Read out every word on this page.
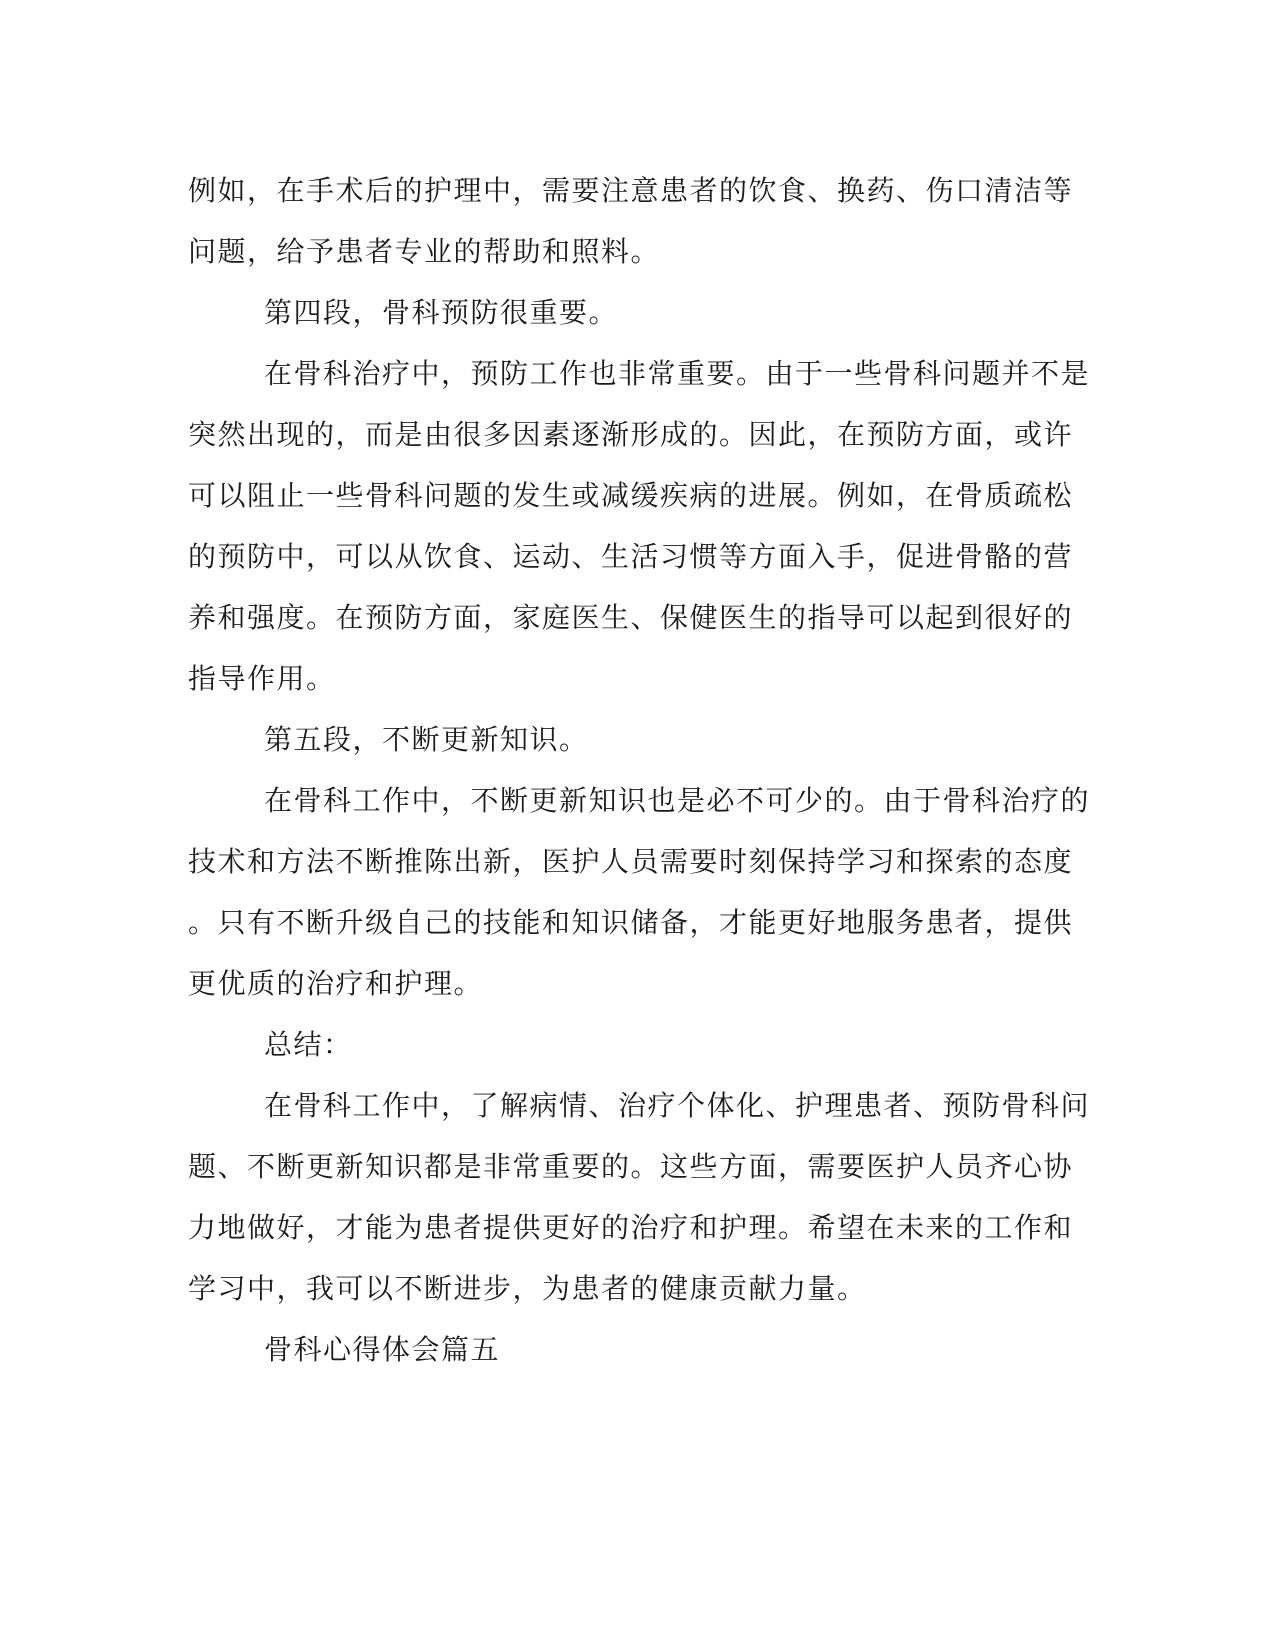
例如，在手术后的护理中，需要注意患者的饮食、换药、伤口清洁等
问题，给予患者专业的帮助和照料。
第四段，骨科预防很重要。
在骨科治疗中，预防工作也非常重要。由于一些骨科问题并不是
突然出现的，而是由很多因素逐渐形成的。因此，在预防方面，或许
可以阻止一些骨科问题的发生或减缓疾病的进展。例如，在骨质疏松
的预防中，可以从饮食、运动、生活习惯等方面入手，促进骨骼的营
养和强度。在预防方面，家庭医生、保健医生的指导可以起到很好的
指导作用。
第五段，不断更新知识。
在骨科工作中，不断更新知识也是必不可少的。由于骨科治疗的
技术和方法不断推陈出新，医护人员需要时刻保持学习和探索的态度
。只有不断升级自己的技能和知识储备，才能更好地服务患者，提供
更优质的治疗和护理。
总结：
在骨科工作中，了解病情、治疗个体化、护理患者、预防骨科问
题、不断更新知识都是非常重要的。这些方面，需要医护人员齐心协
力地做好，才能为患者提供更好的治疗和护理。希望在未来的工作和
学习中，我可以不断进步，为患者的健康贡献力量。
骨科心得体会篇五
